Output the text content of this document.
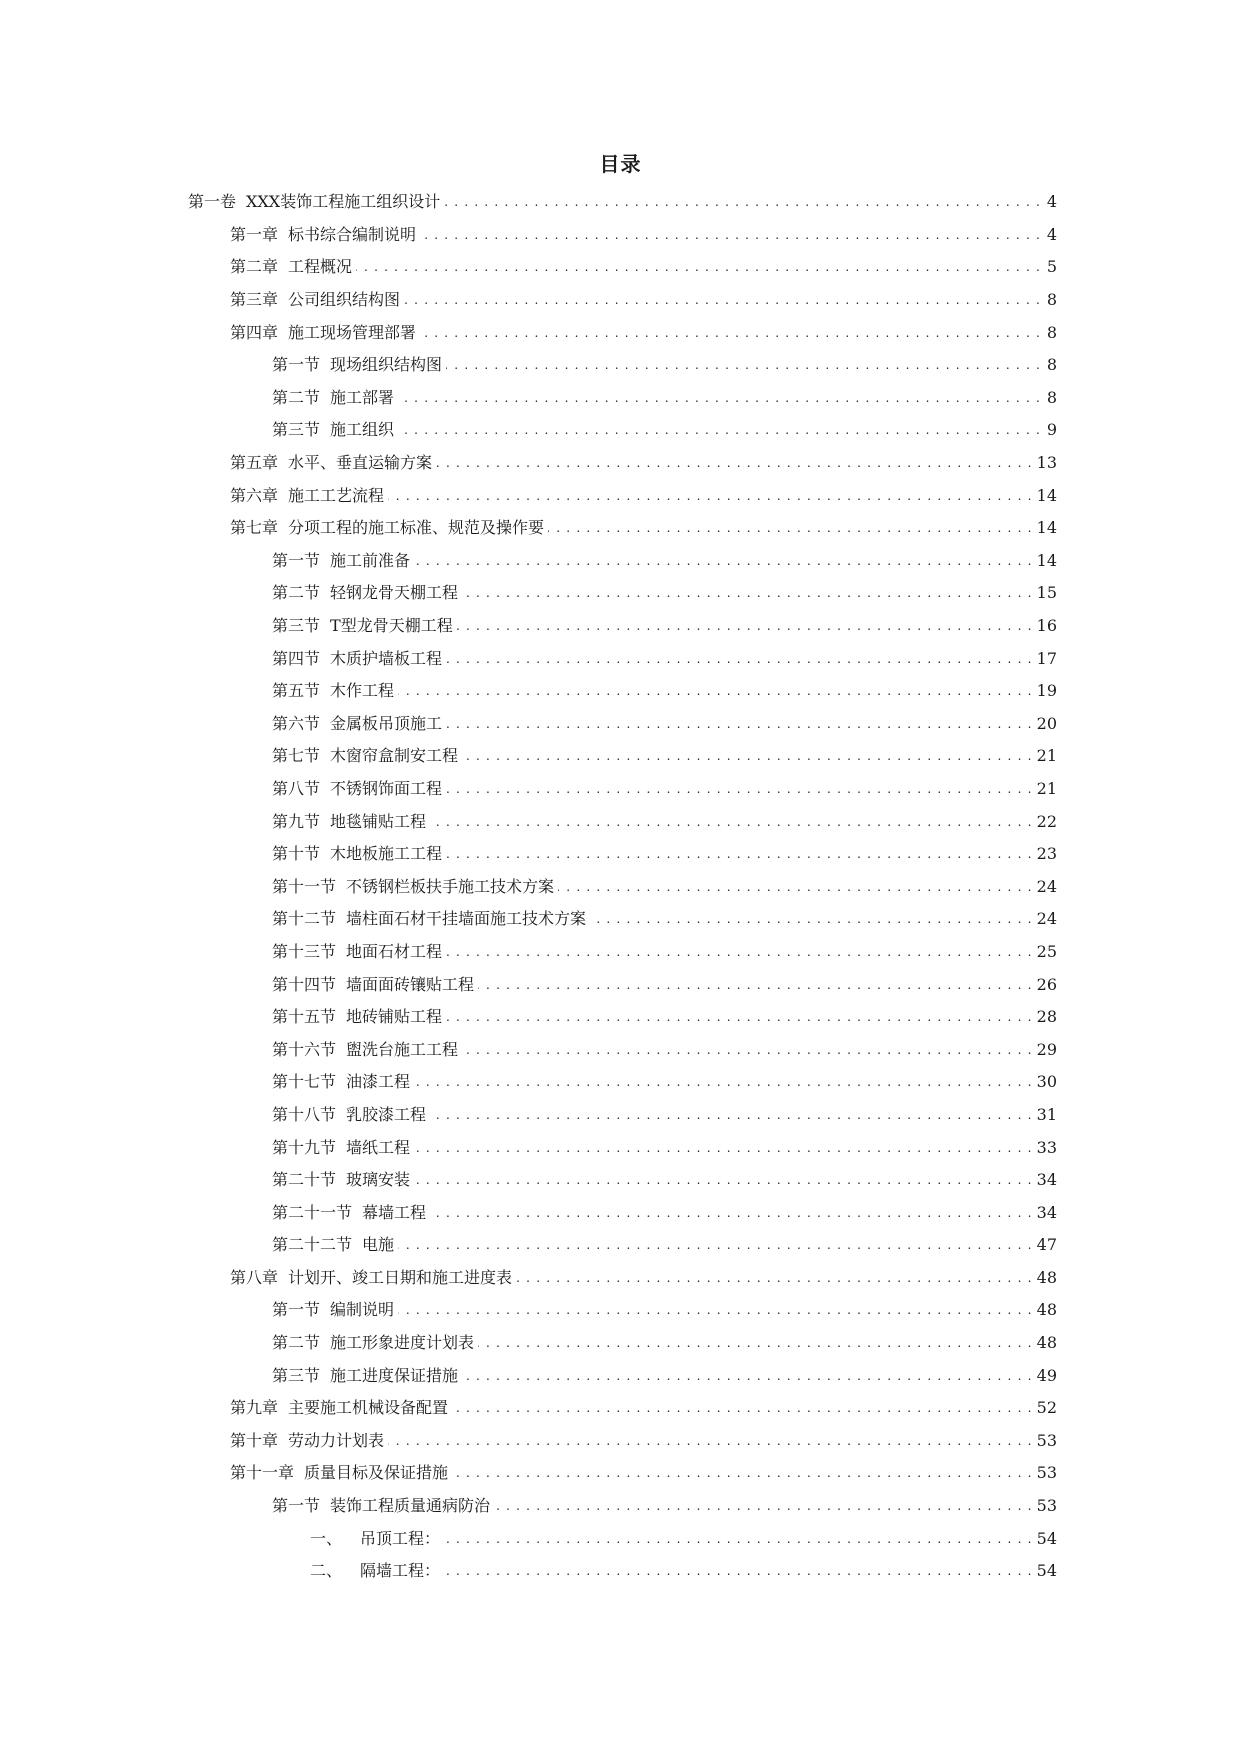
目录
第一卷 XXX装饰工程施工组织设计 . . .	4
第一章 标书综合编制说明 . . .	4
第二章 工程概况 . . .	5
第三章 公司组织结构图 . . .	8
第四章 施工现场管理部署 . . .	8
第一节 现场组织结构图 . . .	8
第二节 施工部署 . . .	8
第三节 施工组织 . . .	9
第五章 水平、垂直运输方案 . . .	13
第六章 施工工艺流程 . . .	14
第七章 分项工程的施工标准、规范及操作要 . . .	14
第一节 施工前准备 . . .	14
第二节 轻钢龙骨天棚工程 . . .	15
第三节 T型龙骨天棚工程 . . .	16
第四节 木质护墙板工程 . . .	17
第五节 木作工程 . . .	19
第六节 金属板吊顶施工 . . .	20
第七节 木窗帘盒制安工程 . . .	21
第八节 不锈钢饰面工程 . . .	21
第九节 地毯铺贴工程 . . .	22
第十节 木地板施工工程 . . .	23
第十一节 不锈钢栏板扶手施工技术方案 . . .	24
第十二节 墙柱面石材干挂墙面施工技术方案 . . .	24
第十三节 地面石材工程 . . .	25
第十四节 墙面面砖镶贴工程 . . .	26
第十五节 地砖铺贴工程 . . .	28
第十六节 盥洗台施工工程 . . .	29
第十七节 油漆工程 . . .	30
第十八节 乳胶漆工程 . . .	31
第十九节 墙纸工程 . . .	33
第二十节 玻璃安装 . . .	34
第二十一节 幕墙工程 . . .	34
第二十二节 电施 . . .	47
第八章 计划开、竣工日期和施工进度表 . . .	48
第一节 编制说明 . . .	48
第二节 施工形象进度计划表 . . .	48
第三节 施工进度保证措施 . . .	49
第九章 主要施工机械设备配置 . . .	52
第十章 劳动力计划表 . . .	53
第十一章 质量目标及保证措施 . . .	53
第一节 装饰工程质量通病防治 . . .	53
一、 吊顶工程： . . .	54
二、 隔墙工程： . . .	54
